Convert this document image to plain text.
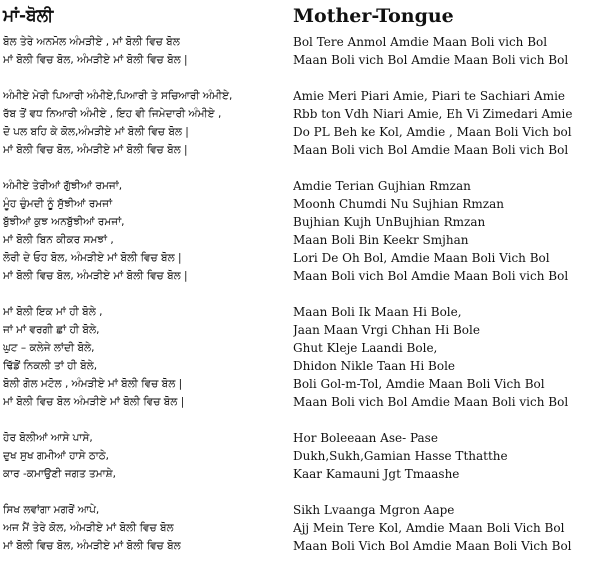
ਮਾਂ-ਬੋਲੀ
ਬੋਲ ਤੇਰੇ ਅਨਮੋਲ ਅੰਮੜੀਏ , ਮਾਂ ਬੋਲੀ ਵਿਚ ਬੋਲ
ਮਾਂ ਬੋਲੀ ਵਿਚ ਬੋਲ, ਅੰਮੜੀਏ ਮਾਂ ਬੋਲੀ ਵਿਚ ਬੋਲ |
ਅੰਮੀਏ ਮੇਰੀ ਪਿਆਰੀ ਅੰਮੀਏ,ਪਿਆਰੀ ਤੇ ਸਚਿਆਰੀ ਅੰਮੀਏ,
ਰੱਬ ਤੋਂ ਵਧ ਨਿਆਰੀ ਅੰਮੀਏ , ਇਹ ਵੀ ਜਿਮੇਦਾਰੀ ਅੰਮੀਏ ,
ਦੋ ਪਲ ਬਹਿ ਕੇ ਕੋਲ,ਅੰਮੜੀਏ ਮਾਂ ਬੋਲੀ ਵਿਚ ਬੋਲ |
ਮਾਂ ਬੋਲੀ ਵਿਚ ਬੋਲ, ਅੰਮੜੀਏ ਮਾਂ ਬੋਲੀ ਵਿਚ ਬੋਲ |
ਅੰਮੀਏ ਤੇਰੀਆਂ ਗੁੱਝੀਆਂ ਰਮਜਾਂ,
ਮੂੰਹ ਚੁੰਮਦੀ ਨੂੰ ਸੁੱਝੀਆਂ ਰਮਜਾਂ
ਬੁੱਝੀਆਂ ਕੁਝ ਅਨਬੁੱਝੀਆਂ ਰਮਜਾਂ,
ਮਾਂ ਬੋਲੀ ਬਿਨ ਕੀਕਰ ਸਮਝਾਂ ,
ਲੋਰੀ ਦੇ ਓਹ ਬੋਲ, ਅੰਮੜੀਏ ਮਾਂ ਬੋਲੀ ਵਿਚ ਬੋਲ |
ਮਾਂ ਬੋਲੀ ਵਿਚ ਬੋਲ, ਅੰਮੜੀਏ ਮਾਂ ਬੋਲੀ ਵਿਚ ਬੋਲ |
ਮਾਂ ਬੋਲੀ ਇਕ ਮਾਂ ਹੀ ਬੋਲੇ ,
ਜਾਂ ਮਾਂ ਵਰਗੀ ਛਾਂ ਹੀ ਬੋਲੇ,
ਘੁਟ – ਕਲੇਜੇ ਲਾਂਦੀ ਬੋਲੇ,
ਢਿੱਡੋਂ ਨਿਕਲੀ ਤਾਂ ਹੀ ਬੋਲੇ,
ਬੋਲੀ ਗੋਲ ਮਟੋਲ , ਅੰਮੜੀਏ ਮਾਂ ਬੋਲੀ ਵਿਚ ਬੋਲ |
ਮਾਂ ਬੋਲੀ ਵਿਚ ਬੋਲ ਅੰਮੜੀਏ ਮਾਂ ਬੋਲੀ ਵਿਚ ਬੋਲ |
ਹੋਰ ਬੋਲੀਆਂ ਆਸੇ ਪਾਸੇ,
ਦੁਖ ਸੁਖ ਗਮੀਆਂ ਹਾਸੇ ਠਾਠੇ,
ਕਾਰ -ਕਮਾਉਣੀ ਜਗਤ ਤਮਾਸ਼ੇ,
ਸਿਖ ਲਵਾਂਗਾ ਮਗਰੋਂ ਆਪੇ,
ਅਜ ਮੈਂ ਤੇਰੇ ਕੋਲ, ਅੰਮੜੀਏ ਮਾਂ ਬੋਲੀ ਵਿਚ ਬੋਲ
ਮਾਂ ਬੋਲੀ ਵਿਚ ਬੋਲ, ਅੰਮੜੀਏ ਮਾਂ ਬੋਲੀ ਵਿਚ ਬੋਲ
Mother-Tongue
Bol Tere Anmol Amdie Maan Boli vich Bol
Maan Boli vich Bol Amdie Maan Boli vich Bol
Amie Meri Piari Amie, Piari te Sachiari Amie
Rbb ton Vdh Niari Amie, Eh Vi Zimedari Amie
Do PL Beh ke Kol, Amdie , Maan Boli Vich bol
Maan Boli vich Bol Amdie Maan Boli vich Bol
Amdie Terian Gujhian Rmzan
Moonh Chumdi Nu Sujhian Rmzan
Bujhian Kujh UnBujhian Rmzan
Maan Boli Bin Keekr Smjhan
Lori De Oh Bol, Amdie Maan Boli Vich Bol
Maan Boli vich Bol Amdie Maan Boli vich Bol
Maan Boli Ik Maan Hi Bole,
Jaan Maan Vrgi Chhan Hi Bole
Ghut Kleje Laandi Bole,
Dhidon Nikle Taan Hi Bole
Boli Gol-m-Tol, Amdie Maan Boli Vich Bol
Maan Boli vich Bol Amdie Maan Boli vich Bol
Hor Boleeaan Ase- Pase
Dukh,Sukh,Gamian Hasse Tthatthe
Kaar Kamauni Jgt Tmaashe
Sikh Lvaanga Mgron Aape
Ajj Mein Tere Kol, Amdie Maan Boli Vich Bol
Maan Boli Vich Bol Amdie Maan Boli Vich Bol
